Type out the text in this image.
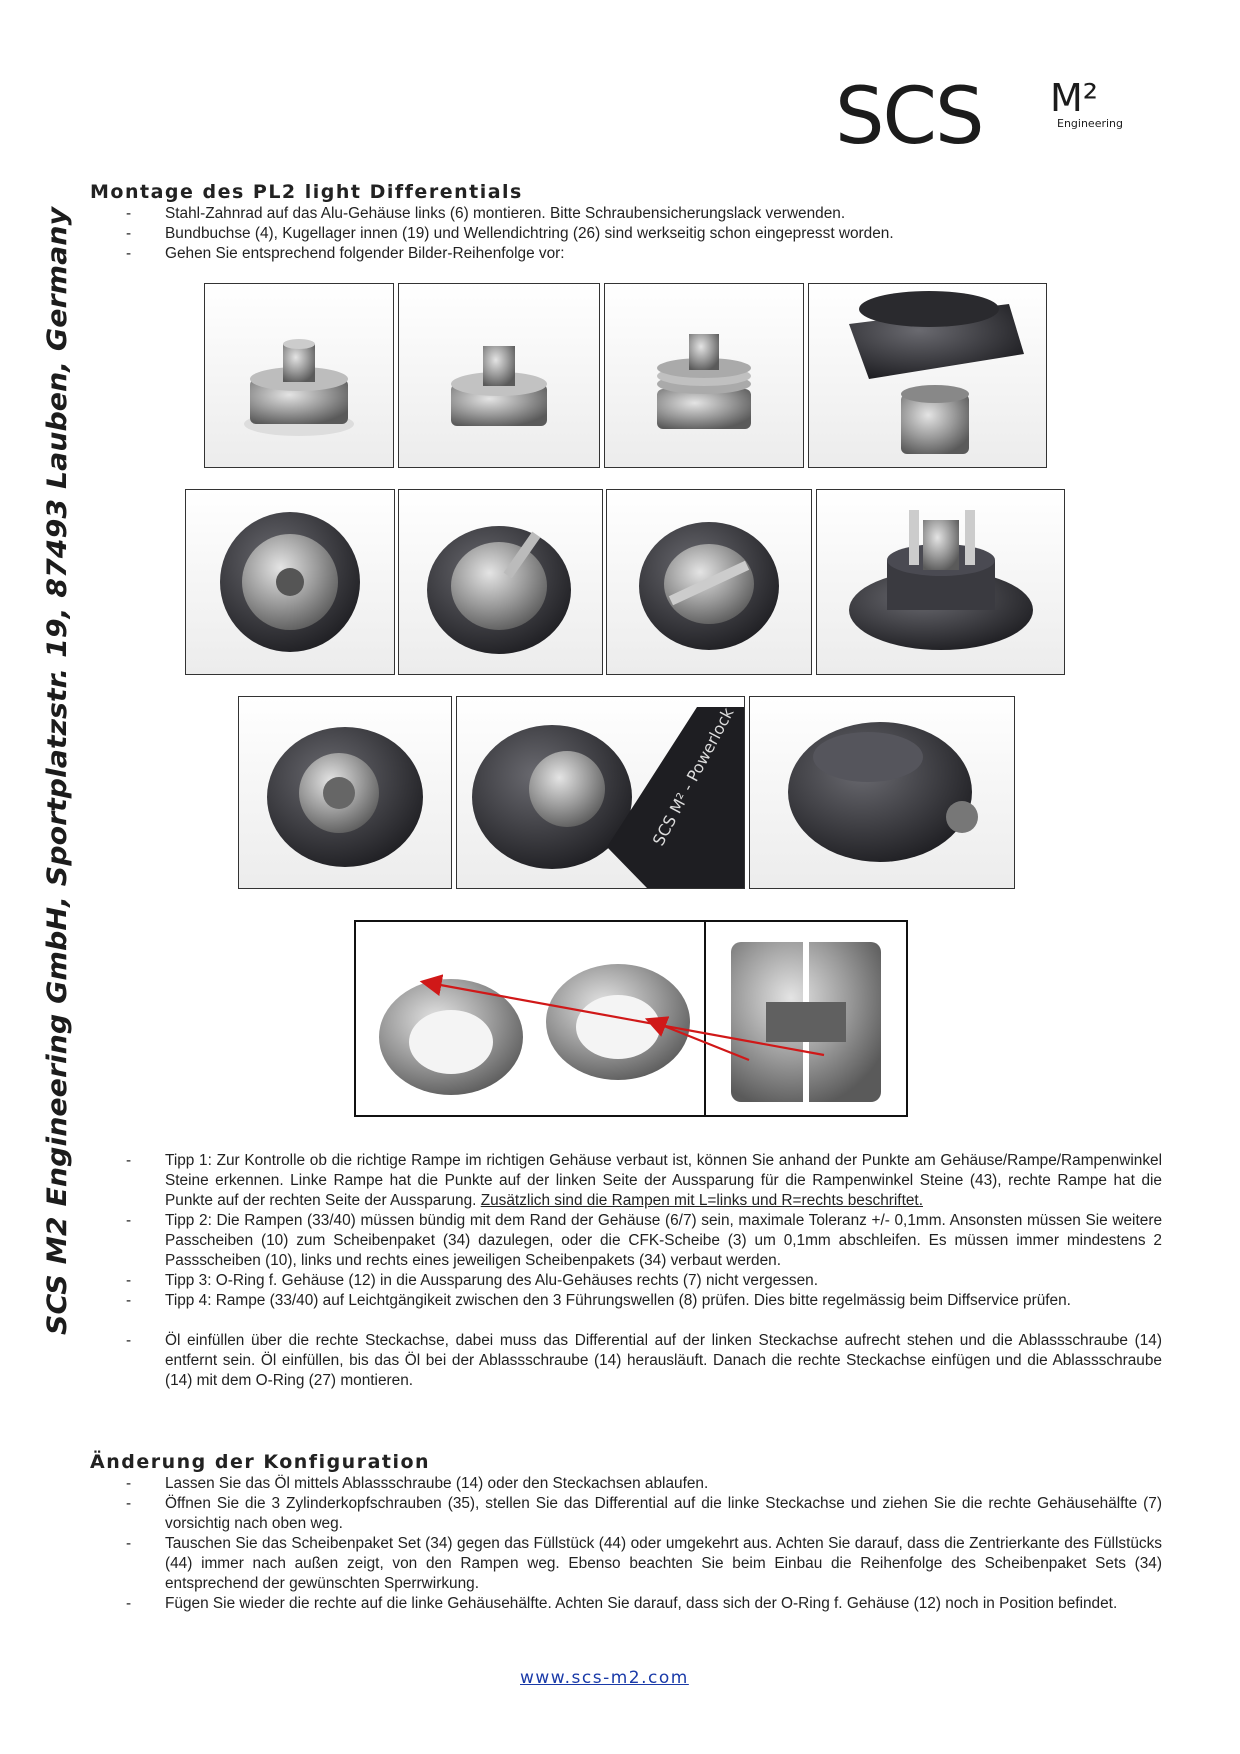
SCS M²
Engineering
SCS M2 Engineering GmbH, Sportplatzstr. 19, 87493 Lauben, Germany
Montage des PL2 light Differentials
- Stahl-Zahnrad auf das Alu-Gehäuse links (6) montieren. Bitte Schraubensicherungslack verwenden.
- Bundbuchse (4), Kugellager innen (19) und Wellendichtring (26) sind werkseitig schon eingepresst worden.
- Gehen Sie entsprechend folgender Bilder-Reihenfolge vor:
SCS M² - Powerlock
- Tipp 1: Zur Kontrolle ob die richtige Rampe im richtigen Gehäuse verbaut ist, können Sie anhand der Punkte am Gehäuse/Rampe/Rampenwinkel Steine erkennen. Linke Rampe hat die Punkte auf der linken Seite der Aussparung für die Rampenwinkel Steine (43), rechte Rampe hat die Punkte auf der rechten Seite der Aussparung. Zusätzlich sind die Rampen mit L=links und R=rechts beschriftet.
- Tipp 2: Die Rampen (33/40) müssen bündig mit dem Rand der Gehäuse (6/7) sein, maximale Toleranz +/- 0,1mm. Ansonsten müssen Sie weitere Passcheiben (10) zum Scheibenpaket (34) dazulegen, oder die CFK-Scheibe (3) um 0,1mm abschleifen. Es müssen immer mindestens 2 Passscheiben (10), links und rechts eines jeweiligen Scheibenpakets (34) verbaut werden.
- Tipp 3: O-Ring f. Gehäuse (12) in die Aussparung des Alu-Gehäuses rechts (7) nicht vergessen.
- Tipp 4: Rampe (33/40) auf Leichtgängikeit zwischen den 3 Führungswellen (8) prüfen. Dies bitte regelmässig beim Diffservice prüfen.
- Öl einfüllen über die rechte Steckachse, dabei muss das Differential auf der linken Steckachse aufrecht stehen und die Ablassschraube (14) entfernt sein. Öl einfüllen, bis das Öl bei der Ablassschraube (14) herausläuft. Danach die rechte Steckachse einfügen und die Ablassschraube (14) mit dem O-Ring (27) montieren.
Änderung der Konfiguration
- Lassen Sie das Öl mittels Ablassschraube (14) oder den Steckachsen ablaufen.
- Öffnen Sie die 3 Zylinderkopfschrauben (35), stellen Sie das Differential auf die linke Steckachse und ziehen Sie die rechte Gehäusehälfte (7) vorsichtig nach oben weg.
- Tauschen Sie das Scheibenpaket Set (34) gegen das Füllstück (44) oder umgekehrt aus. Achten Sie darauf, dass die Zentrierkante des Füllstücks (44) immer nach außen zeigt, von den Rampen weg. Ebenso beachten Sie beim Einbau die Reihenfolge des Scheibenpaket Sets (34) entsprechend der gewünschten Sperrwirkung.
- Fügen Sie wieder die rechte auf die linke Gehäusehälfte. Achten Sie darauf, dass sich der O-Ring f. Gehäuse (12) noch in Position befindet.
www.scs-m2.com
